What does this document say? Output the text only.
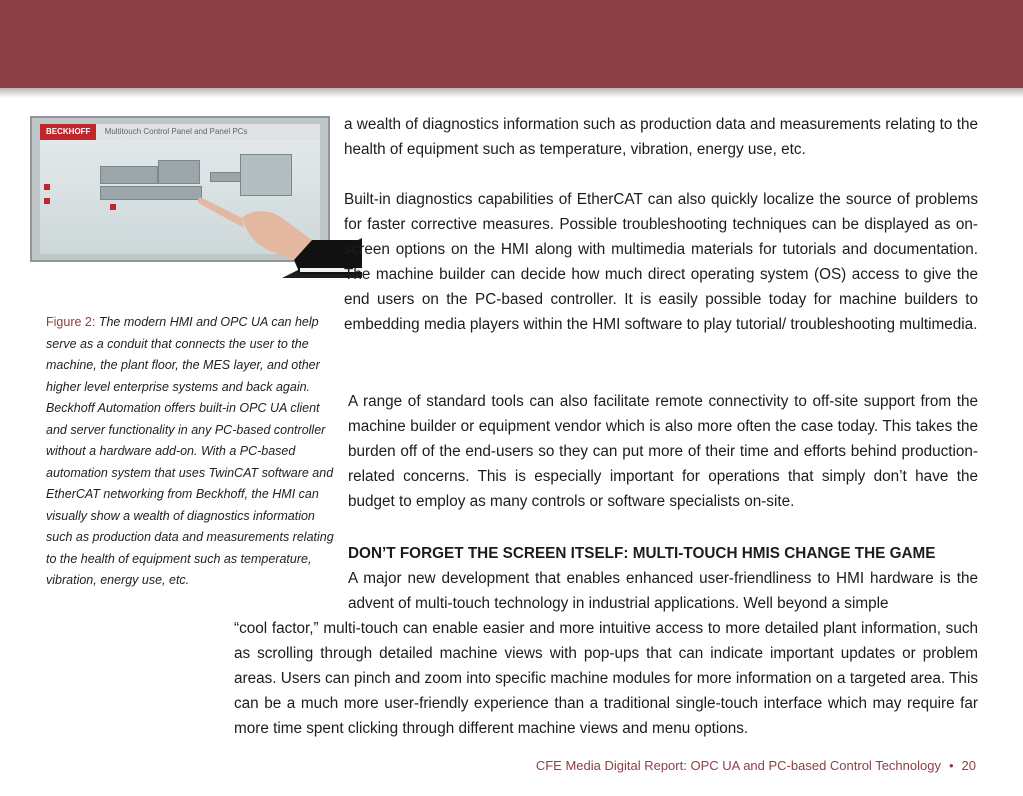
BECKHOFF Multitouch Control Panel and Panel PCs
Figure 2: The modern HMI and OPC UA can help serve as a conduit that connects the user to the machine, the plant floor, the MES layer, and other higher level enterprise systems and back again. Beckhoff Automation offers built-in OPC UA client and server functionality in any PC-based controller without a hardware add-on. With a PC-based automation system that uses TwinCAT software and EtherCAT networking from Beckhoff, the HMI can visually show a wealth of diagnostics information such as production data and measurements relating to the health of equipment such as temperature, vibration, energy use, etc.

a wealth of diagnostics information such as production data and measurements relating to the health of equipment such as temperature, vibration, energy use, etc.

Built-in diagnostics capabilities of EtherCAT can also quickly localize the source of problems for faster corrective measures. Possible troubleshooting techniques can be displayed as on-screen options on the HMI along with multimedia materials for tutorials and documentation. The machine builder can decide how much direct operating system (OS) access to give the end users on the PC-based controller. It is easily possible today for machine builders to embedding media players within the HMI software to play tutorial/ troubleshooting multimedia.

A range of standard tools can also facilitate remote connectivity to off-site support from the machine builder or equipment vendor which is also more often the case today. This takes the burden off of the end-users so they can put more of their time and efforts behind production-related concerns. This is especially important for operations that simply don’t have the budget to employ as many controls or software specialists on-site.

DON’T FORGET THE SCREEN ITSELF: MULTI-TOUCH HMIS CHANGE THE GAME

A major new development that enables enhanced user-friendliness to HMI hardware is the advent of multi-touch technology in industrial applications. Well beyond a simple

“cool factor,” multi-touch can enable easier and more intuitive access to more detailed plant information, such as scrolling through detailed machine views with pop-ups that can indicate important updates or problem areas. Users can pinch and zoom into specific machine modules for more information on a targeted area. This can be a much more user-friendly experience than a traditional single-touch interface which may require far more time spent clicking through different machine views and menu options.

CFE Media Digital Report: OPC UA and PC-based Control Technology • 20
